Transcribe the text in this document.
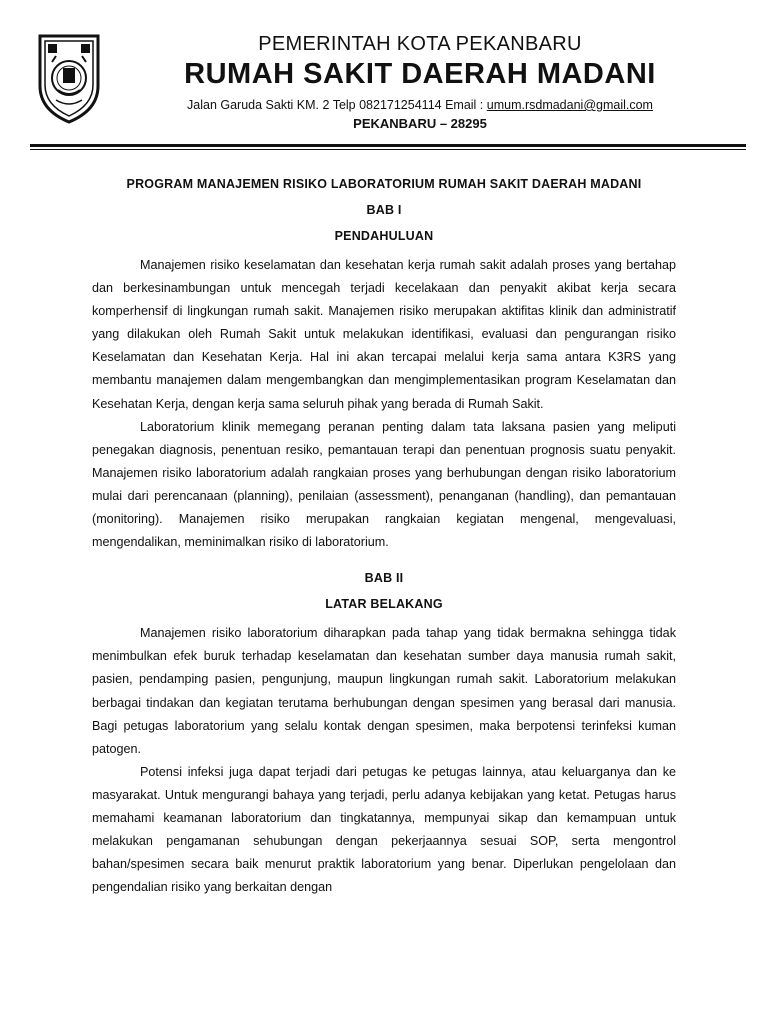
PEMERINTAH KOTA PEKANBARU
RUMAH SAKIT DAERAH MADANI
Jalan Garuda Sakti KM. 2 Telp 082171254114 Email : umum.rsdmadani@gmail.com
PEKANBARU – 28295
PROGRAM MANAJEMEN RISIKO LABORATORIUM RUMAH SAKIT DAERAH MADANI
BAB I
PENDAHULUAN

Manajemen risiko keselamatan dan kesehatan kerja rumah sakit adalah proses yang bertahap dan berkesinambungan untuk mencegah terjadi kecelakaan dan penyakit akibat kerja secara komperhensif di lingkungan rumah sakit. Manajemen risiko merupakan aktifitas klinik dan administratif yang dilakukan oleh Rumah Sakit untuk melakukan identifikasi, evaluasi dan pengurangan risiko Keselamatan dan Kesehatan Kerja. Hal ini akan tercapai melalui kerja sama antara K3RS yang membantu manajemen dalam mengembangkan dan mengimplementasikan program Keselamatan dan Kesehatan Kerja, dengan kerja sama seluruh pihak yang berada di Rumah Sakit.

Laboratorium klinik memegang peranan penting dalam tata laksana pasien yang meliputi penegakan diagnosis, penentuan resiko, pemantauan terapi dan penentuan prognosis suatu penyakit. Manajemen risiko laboratorium adalah rangkaian proses yang berhubungan dengan risiko laboratorium mulai dari perencanaan (planning), penilaian (assessment), penanganan (handling), dan pemantauan (monitoring). Manajemen risiko merupakan rangkaian kegiatan mengenal, mengevaluasi, mengendalikan, meminimalkan risiko di laboratorium.

BAB II
LATAR BELAKANG

Manajemen risiko laboratorium diharapkan pada tahap yang tidak bermakna sehingga tidak menimbulkan efek buruk terhadap keselamatan dan kesehatan sumber daya manusia rumah sakit, pasien, pendamping pasien, pengunjung, maupun lingkungan rumah sakit. Laboratorium melakukan berbagai tindakan dan kegiatan terutama berhubungan dengan spesimen yang berasal dari manusia. Bagi petugas laboratorium yang selalu kontak dengan spesimen, maka berpotensi terinfeksi kuman patogen.

Potensi infeksi juga dapat terjadi dari petugas ke petugas lainnya, atau keluarganya dan ke masyarakat. Untuk mengurangi bahaya yang terjadi, perlu adanya kebijakan yang ketat. Petugas harus memahami keamanan laboratorium dan tingkatannya, mempunyai sikap dan kemampuan untuk melakukan pengamanan sehubungan dengan pekerjaannya sesuai SOP, serta mengontrol bahan/spesimen secara baik menurut praktik laboratorium yang benar. Diperlukan pengelolaan dan pengendalian risiko yang berkaitan dengan
